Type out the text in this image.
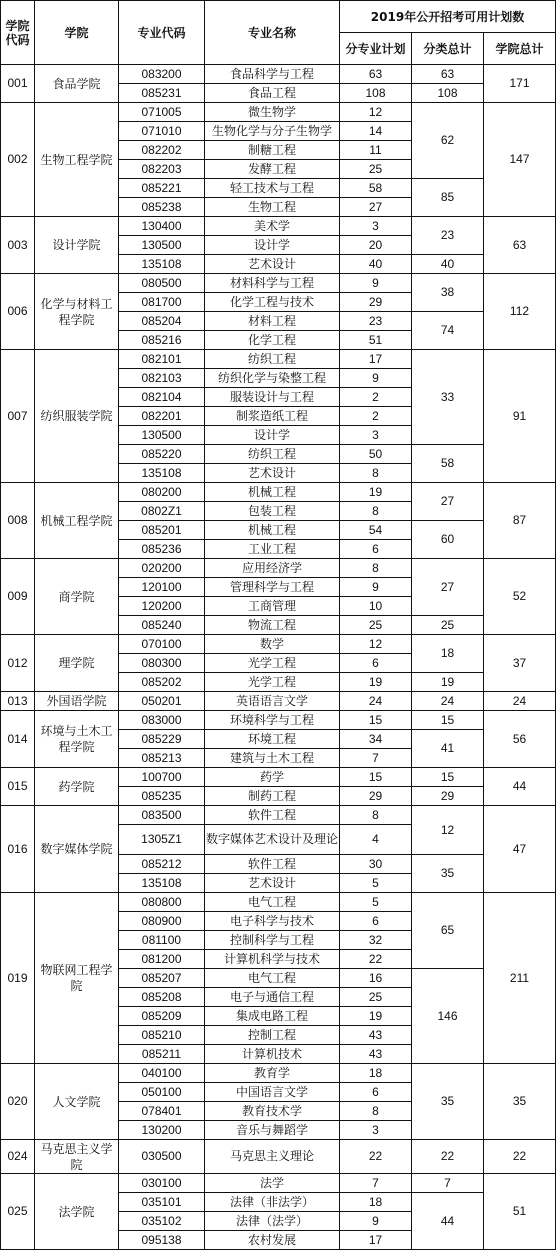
学院代码	学院	专业代码	专业名称	2019年公开招考可用计划数		
				分专业计划	分类总计	学院总计
001	食品学院	083200	食品科学与工程	63	63	171
		085231	食品工程	108	108	
002	生物工程学院	071005	微生物学	12	62	147
		071010	生物化学与分子生物学	14		
		082202	制糖工程	11		
		082203	发酵工程	25		
		085221	轻工技术与工程	58	85	
		085238	生物工程	27		
003	设计学院	130400	美术学	3	23	63
		130500	设计学	20		
		135108	艺术设计	40	40	
006	化学与材料工程学院	080500	材料科学与工程	9	38	112
		081700	化学工程与技术	29		
		085204	材料工程	23	74	
		085216	化学工程	51		
007	纺织服装学院	082101	纺织工程	17	33	91
		082103	纺织化学与染整工程	9		
		082104	服装设计与工程	2		
		082201	制浆造纸工程	2		
		130500	设计学	3		
		085220	纺织工程	50	58	
		135108	艺术设计	8		
008	机械工程学院	080200	机械工程	19	27	87
		0802Z1	包装工程	8		
		085201	机械工程	54	60	
		085236	工业工程	6		
009	商学院	020200	应用经济学	8	27	52
		120100	管理科学与工程	9		
		120200	工商管理	10		
		085240	物流工程	25	25	
012	理学院	070100	数学	12	18	37
		080300	光学工程	6		
		085202	光学工程	19	19	
013	外国语学院	050201	英语语言文学	24	24	24
014	环境与土木工程学院	083000	环境科学与工程	15	15	56
		085229	环境工程	34	41	
		085213	建筑与土木工程	7		
015	药学院	100700	药学	15	15	44
		085235	制药工程	29	29	
016	数字媒体学院	083500	软件工程	8	12	47
		1305Z1	数字媒体艺术设计及理论	4		
		085212	软件工程	30	35	
		135108	艺术设计	5		
019	物联网工程学院	080800	电气工程	5	65	211
		080900	电子科学与技术	6		
		081100	控制科学与工程	32		
		081200	计算机科学与技术	22		
		085207	电气工程	16	146	
		085208	电子与通信工程	25		
		085209	集成电路工程	19		
		085210	控制工程	43		
		085211	计算机技术	43		
020	人文学院	040100	教育学	18	35	35
		050100	中国语言文学	6		
		078401	教育技术学	8		
		130200	音乐与舞蹈学	3		
024	马克思主义学院	030500	马克思主义理论	22	22	22
025	法学院	030100	法学	7	7	51
		035101	法律（非法学）	18	44	
		035102	法律（法学）	9		
		095138	农村发展	17		
